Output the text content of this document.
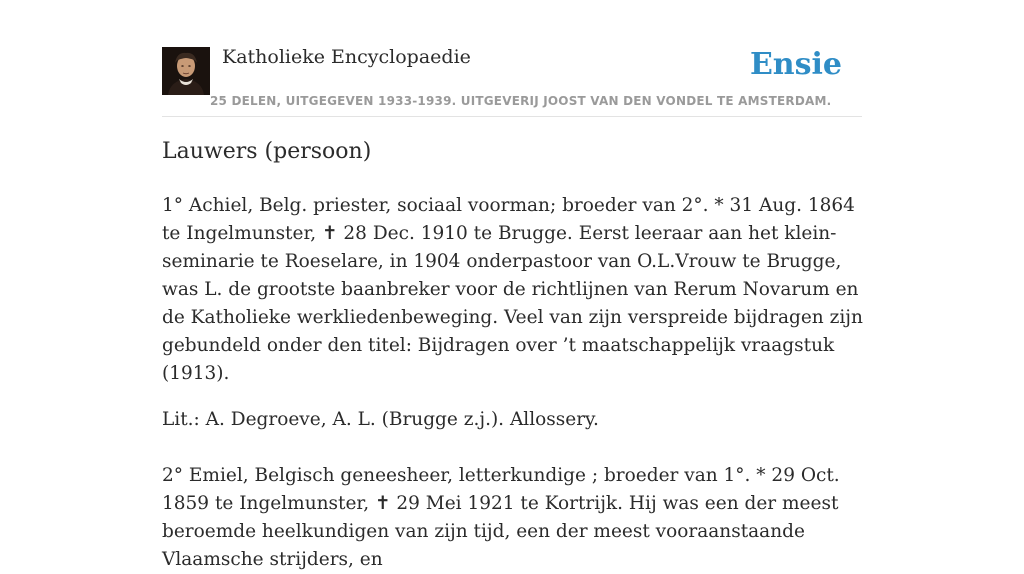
Katholieke Encyclopaedie
25 DELEN, UITGEGEVEN 1933-1939. UITGEVERIJ JOOST VAN DEN VONDEL TE AMSTERDAM.
Ensie
Lauwers (persoon)

1° Achiel, Belg. priester, sociaal voorman; broeder van 2°. * 31 Aug. 1864 te Ingelmunster, ✝ 28 Dec. 1910 te Brugge. Eerst leeraar aan het klein-seminarie te Roeselare, in 1904 onderpastoor van O.L.Vrouw te Brugge, was L. de grootste baanbreker voor de richtlijnen van Rerum Novarum en de Katholieke werkliedenbeweging. Veel van zijn verspreide bijdragen zijn gebundeld onder den titel: Bijdragen over ’t maatschappelijk vraagstuk (1913).

Lit.: A. Degroeve, A. L. (Brugge z.j.). Allossery.

2° Emiel, Belgisch geneesheer, letterkundige ; broeder van 1°. * 29 Oct. 1859 te Ingelmunster, ✝ 29 Mei 1921 te Kortrijk. Hij was een der meest beroemde heelkundigen van zijn tijd, een der meest vooraanstaande Vlaamsche strijders, en
